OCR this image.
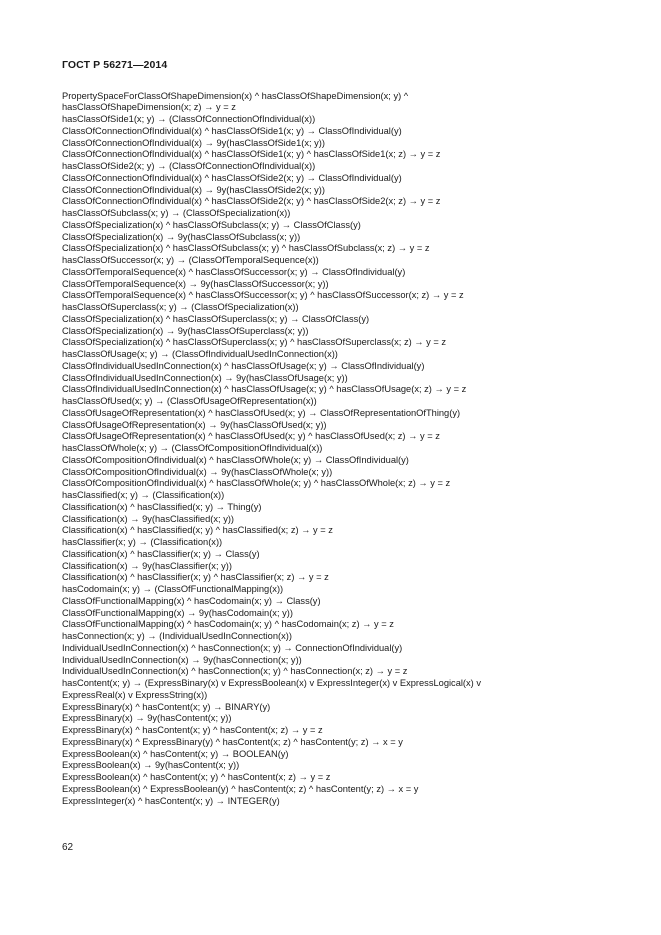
ГОСТ Р 56271—2014
PropertySpaceForClassOfShapeDimension(x) ^ hasClassOfShapeDimension(x; y) ^
hasClassOfShapeDimension(x; z) → y = z
hasClassOfSide1(x; y) → (ClassOfConnectionOfIndividual(x))
ClassOfConnectionOfIndividual(x) ^ hasClassOfSide1(x; y) → ClassOfIndividual(y)
ClassOfConnectionOfIndividual(x) → 9y(hasClassOfSide1(x; y))
ClassOfConnectionOfIndividual(x) ^ hasClassOfSide1(x; y) ^ hasClassOfSide1(x; z) → y = z
hasClassOfSide2(x; y) → (ClassOfConnectionOfIndividual(x))
ClassOfConnectionOfIndividual(x) ^ hasClassOfSide2(x; y) → ClassOfIndividual(y)
ClassOfConnectionOfIndividual(x) → 9y(hasClassOfSide2(x; y))
ClassOfConnectionOfIndividual(x) ^ hasClassOfSide2(x; y) ^ hasClassOfSide2(x; z) → y = z
hasClassOfSubclass(x; y) → (ClassOfSpecialization(x))
ClassOfSpecialization(x) ^ hasClassOfSubclass(x; y) → ClassOfClass(y)
ClassOfSpecialization(x) → 9y(hasClassOfSubclass(x; y))
ClassOfSpecialization(x) ^ hasClassOfSubclass(x; y) ^ hasClassOfSubclass(x; z) → y = z
hasClassOfSuccessor(x; y) → (ClassOfTemporalSequence(x))
ClassOfTemporalSequence(x) ^ hasClassOfSuccessor(x; y) → ClassOfIndividual(y)
ClassOfTemporalSequence(x) → 9y(hasClassOfSuccessor(x; y))
ClassOfTemporalSequence(x) ^ hasClassOfSuccessor(x; y) ^ hasClassOfSuccessor(x; z) → y = z
hasClassOfSuperclass(x; y) → (ClassOfSpecialization(x))
ClassOfSpecialization(x) ^ hasClassOfSuperclass(x; y) → ClassOfClass(y)
ClassOfSpecialization(x) → 9y(hasClassOfSuperclass(x; y))
ClassOfSpecialization(x) ^ hasClassOfSuperclass(x; y) ^ hasClassOfSuperclass(x; z) → y = z
hasClassOfUsage(x; y) → (ClassOfIndividualUsedInConnection(x))
ClassOfIndividualUsedInConnection(x) ^ hasClassOfUsage(x; y) → ClassOfIndividual(y)
ClassOfIndividualUsedInConnection(x) → 9y(hasClassOfUsage(x; y))
ClassOfIndividualUsedInConnection(x) ^ hasClassOfUsage(x; y) ^ hasClassOfUsage(x; z) → y = z
hasClassOfUsed(x; y) → (ClassOfUsageOfRepresentation(x))
ClassOfUsageOfRepresentation(x) ^ hasClassOfUsed(x; y) → ClassOfRepresentationOfThing(y)
ClassOfUsageOfRepresentation(x) → 9y(hasClassOfUsed(x; y))
ClassOfUsageOfRepresentation(x) ^ hasClassOfUsed(x; y) ^ hasClassOfUsed(x; z) → y = z
hasClassOfWhole(x; y) → (ClassOfCompositionOfIndividual(x))
ClassOfCompositionOfIndividual(x) ^ hasClassOfWhole(x; y) → ClassOfIndividual(y)
ClassOfCompositionOfIndividual(x) → 9y(hasClassOfWhole(x; y))
ClassOfCompositionOfIndividual(x) ^ hasClassOfWhole(x; y) ^ hasClassOfWhole(x; z) → y = z
hasClassified(x; y) → (Classification(x))
Classification(x) ^ hasClassified(x; y) → Thing(y)
Classification(x) → 9y(hasClassified(x; y))
Classification(x) ^ hasClassified(x; y) ^ hasClassified(x; z) → y = z
hasClassifier(x; y) → (Classification(x))
Classification(x) ^ hasClassifier(x; y) → Class(y)
Classification(x) → 9y(hasClassifier(x; y))
Classification(x) ^ hasClassifier(x; y) ^ hasClassifier(x; z) → y = z
hasCodomain(x; y) → (ClassOfFunctionalMapping(x))
ClassOfFunctionalMapping(x) ^ hasCodomain(x; y) → Class(y)
ClassOfFunctionalMapping(x) → 9y(hasCodomain(x; y))
ClassOfFunctionalMapping(x) ^ hasCodomain(x; y) ^ hasCodomain(x; z) → y = z
hasConnection(x; y) → (IndividualUsedInConnection(x))
IndividualUsedInConnection(x) ^ hasConnection(x; y) → ConnectionOfIndividual(y)
IndividualUsedInConnection(x) → 9y(hasConnection(x; y))
IndividualUsedInConnection(x) ^ hasConnection(x; y) ^ hasConnection(x; z) → y = z
hasContent(x; y) → (ExpressBinary(x) v ExpressBoolean(x) v ExpressInteger(x) v ExpressLogical(x) v
ExpressReal(x) v ExpressString(x))
ExpressBinary(x) ^ hasContent(x; y) → BINARY(y)
ExpressBinary(x) → 9y(hasContent(x; y))
ExpressBinary(x) ^ hasContent(x; y) ^ hasContent(x; z) → y = z
ExpressBinary(x) ^ ExpressBinary(y) ^ hasContent(x; z) ^ hasContent(y; z) → x = y
ExpressBoolean(x) ^ hasContent(x; y) → BOOLEAN(y)
ExpressBoolean(x) → 9y(hasContent(x; y))
ExpressBoolean(x) ^ hasContent(x; y) ^ hasContent(x; z) → y = z
ExpressBoolean(x) ^ ExpressBoolean(y) ^ hasContent(x; z) ^ hasContent(y; z) → x = y
ExpressInteger(x) ^ hasContent(x; y) → INTEGER(y)
62
